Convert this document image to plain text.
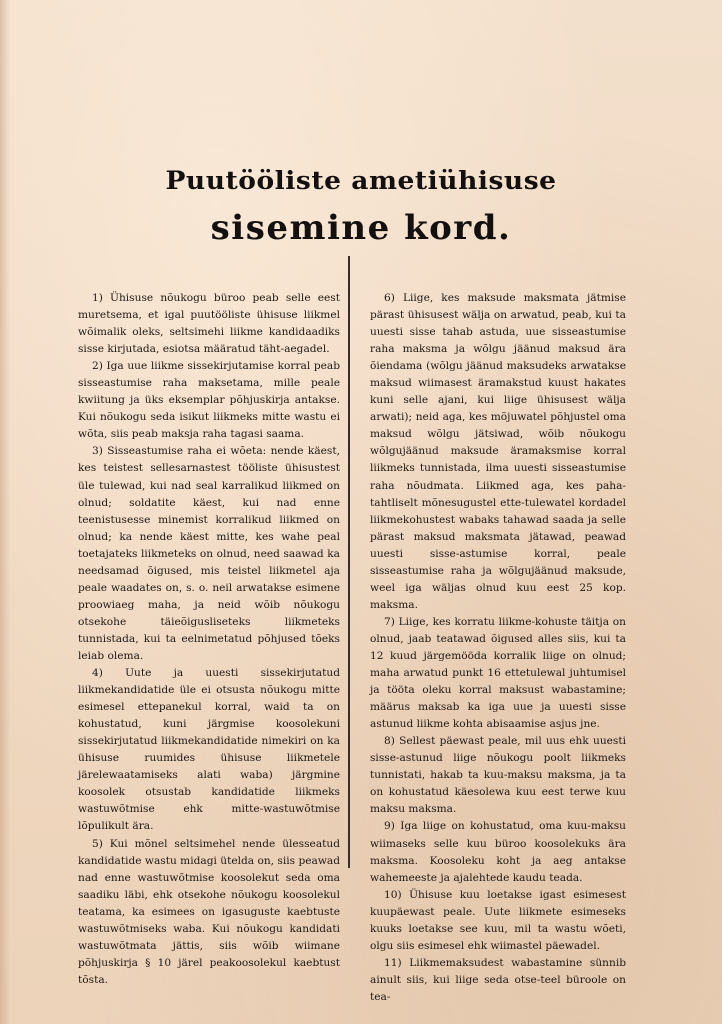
Puutööliste ametiühisuse
sisemine kord.

1) Ühisuse nõukogu büroo peab selle eest muretsema, et igal puutööliste ühisuse liikmel wõimalik oleks, seltsimehi liikme kandidaadiks sisse kirjutada, esiotsa määratud täht-aegadel.

2) Iga uue liikme sissekirjutamise korral peab sisseastumise raha maksetama, mille peale kwiitung ja üks eksemplar põhjuskirja antakse. Kui nõukogu seda isikut liikmeks mitte wastu ei wõta, siis peab maksja raha tagasi saama.

3) Sisseastumise raha ei wõeta: nende käest, kes teistest sellesarnastest tööliste ühisustest üle tulewad, kui nad seal karralikud liikmed on olnud; soldatite käest, kui nad enne teenistusesse minemist korralikud liikmed on olnud; ka nende käest mitte, kes wahe peal toetajateks liikmeteks on olnud, need saawad ka needsamad õigused, mis teistel liikmetel aja peale waadates on, s. o. neil arwatakse esimene proowiaeg maha, ja neid wõib nõukogu otsekohe täieõigusliseteks liikmeteks tunnistada, kui ta eelnimetatud põhjused tõeks leiab olema.

4) Uute ja uuesti sissekirjutatud liikmekandidatide üle ei otsusta nõukogu mitte esimesel ettepanekul korral, waid ta on kohustatud, kuni järgmise koosolekuni sissekirjutatud liikmekandidatide nimekiri on ka ühisuse ruumides ühisuse liikmetele järelewaatamiseks alati waba) järgmine koosolek otsustab kandidatide liikmeks wastuwõtmise ehk mitte-wastuwõtmise lõpulikult ära.

5) Kui mõnel seltsimehel nende ülesseatud kandidatide wastu midagi ütelda on, siis peawad nad enne wastuwõtmise koosolekut seda oma saadiku läbi, ehk otsekohe nõukogu koosolekul teatama, ka esimees on igasuguste kaebtuste wastuwõtmiseks waba. Kui nõukogu kandidati wastuwõtmata jättis, siis wõib wiimane põhjuskirja § 10 järel peakoosolekul kaebtust tõsta.

6) Liige, kes maksude maksmata jätmise pärast ühisusest wälja on arwatud, peab, kui ta uuesti sisse tahab astuda, uue sisseastumise raha maksma ja wõlgu jäänud maksud ära õiendama (wõlgu jäänud maksudeks arwatakse maksud wiimasest äramakstud kuust hakates kuni selle ajani, kui liige ühisusest wälja arwati); neid aga, kes mõjuwatel põhjustel oma maksud wõlgu jätsiwad, wõib nõukogu wõlgujäänud maksude äramaksmise korral liikmeks tunnistada, ilma uuesti sisseastumise raha nõudmata. Liikmed aga, kes paha-tahtliselt mõnesugustel ette-tulewatel kordadel liikmekohustest wabaks tahawad saada ja selle pärast maksud maksmata jätawad, peawad uuesti sisse-astumise korral, peale sisseastumise raha ja wõlgujäänud maksude, weel iga wäljas olnud kuu eest 25 kop. maksma.

7) Liige, kes korratu liikme-kohuste täitja on olnud, jaab teatawad õigused alles siis, kui ta 12 kuud järgemööda korralik liige on olnud; maha arwatud punkt 16 ettetulewal juhtumisel ja tööta oleku korral maksust wabastamine; määrus maksab ka iga uue ja uuesti sisse astunud liikme kohta abisaamise asjus jne.

8) Sellest päewast peale, mil uus ehk uuesti sisse-astunud liige nõukogu poolt liikmeks tunnistati, hakab ta kuu-maksu maksma, ja ta on kohustatud käesolewa kuu eest terwe kuu maksu maksma.

9) Iga liige on kohustatud, oma kuu-maksu wiimaseks selle kuu büroo koosolekuks ära maksma. Koosoleku koht ja aeg antakse wahemeeste ja ajalehtede kaudu teada.

10) Ühisuse kuu loetakse igast esimesest kuupäewast peale. Uute liikmete esimeseks kuuks loetakse see kuu, mil ta wastu wõeti, olgu siis esimesel ehk wiimastel päewadel.

11) Liikmemaksudest wabastamine sünnib ainult siis, kui liige seda otse-teel büroole on tea-
